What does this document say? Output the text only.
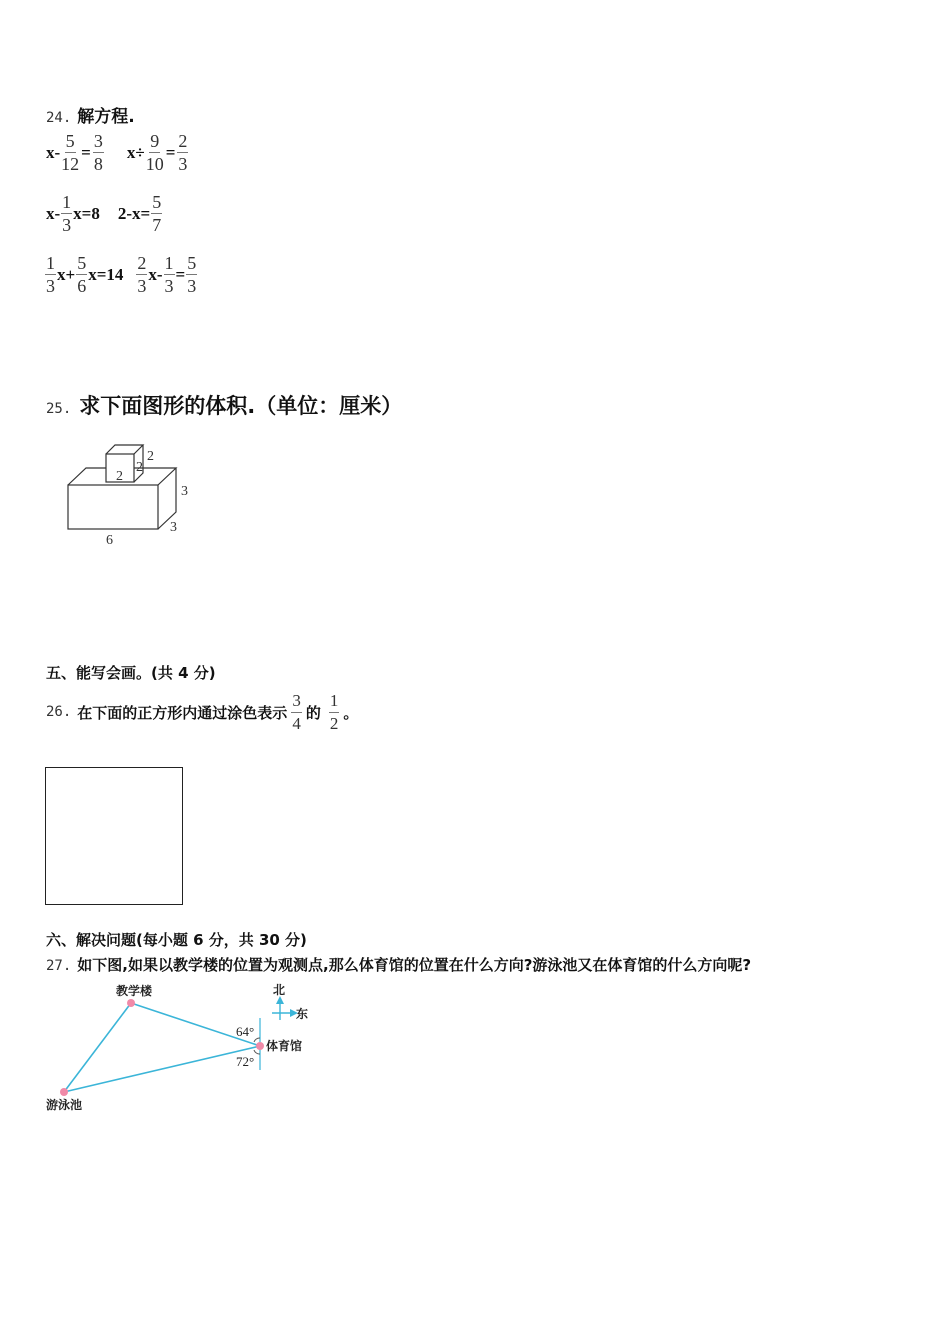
24. 解方程.
$x- \frac{5}{12} = \frac{3}{8} x\div \frac{9}{10} = \frac{2}{3}$
$x- \frac{1}{3} x=8$ $2-x= \frac{5}{7}$
$\frac{1}{3} x+ \frac{5}{6} x=14 \frac{2}{3} x- \frac{1}{3} = \frac{5}{3}$
25. 求下面图形的体积.（单位：厘米）
2
2
2
3
3
6
五、能写会画。(共 4 分)
26. 在下面的正方形内通过涂色表示 $\frac{3}{4}$ 的 $\frac{1}{2}$ 。
六、解决问题(每小题 6 分，共 30 分)
27. 如下图,如果以教学楼的位置为观测点,那么体育馆的位置在什么方向?游泳池又在体育馆的什么方向呢?
教学楼
体育馆
游泳池
北
东
64°
72°
